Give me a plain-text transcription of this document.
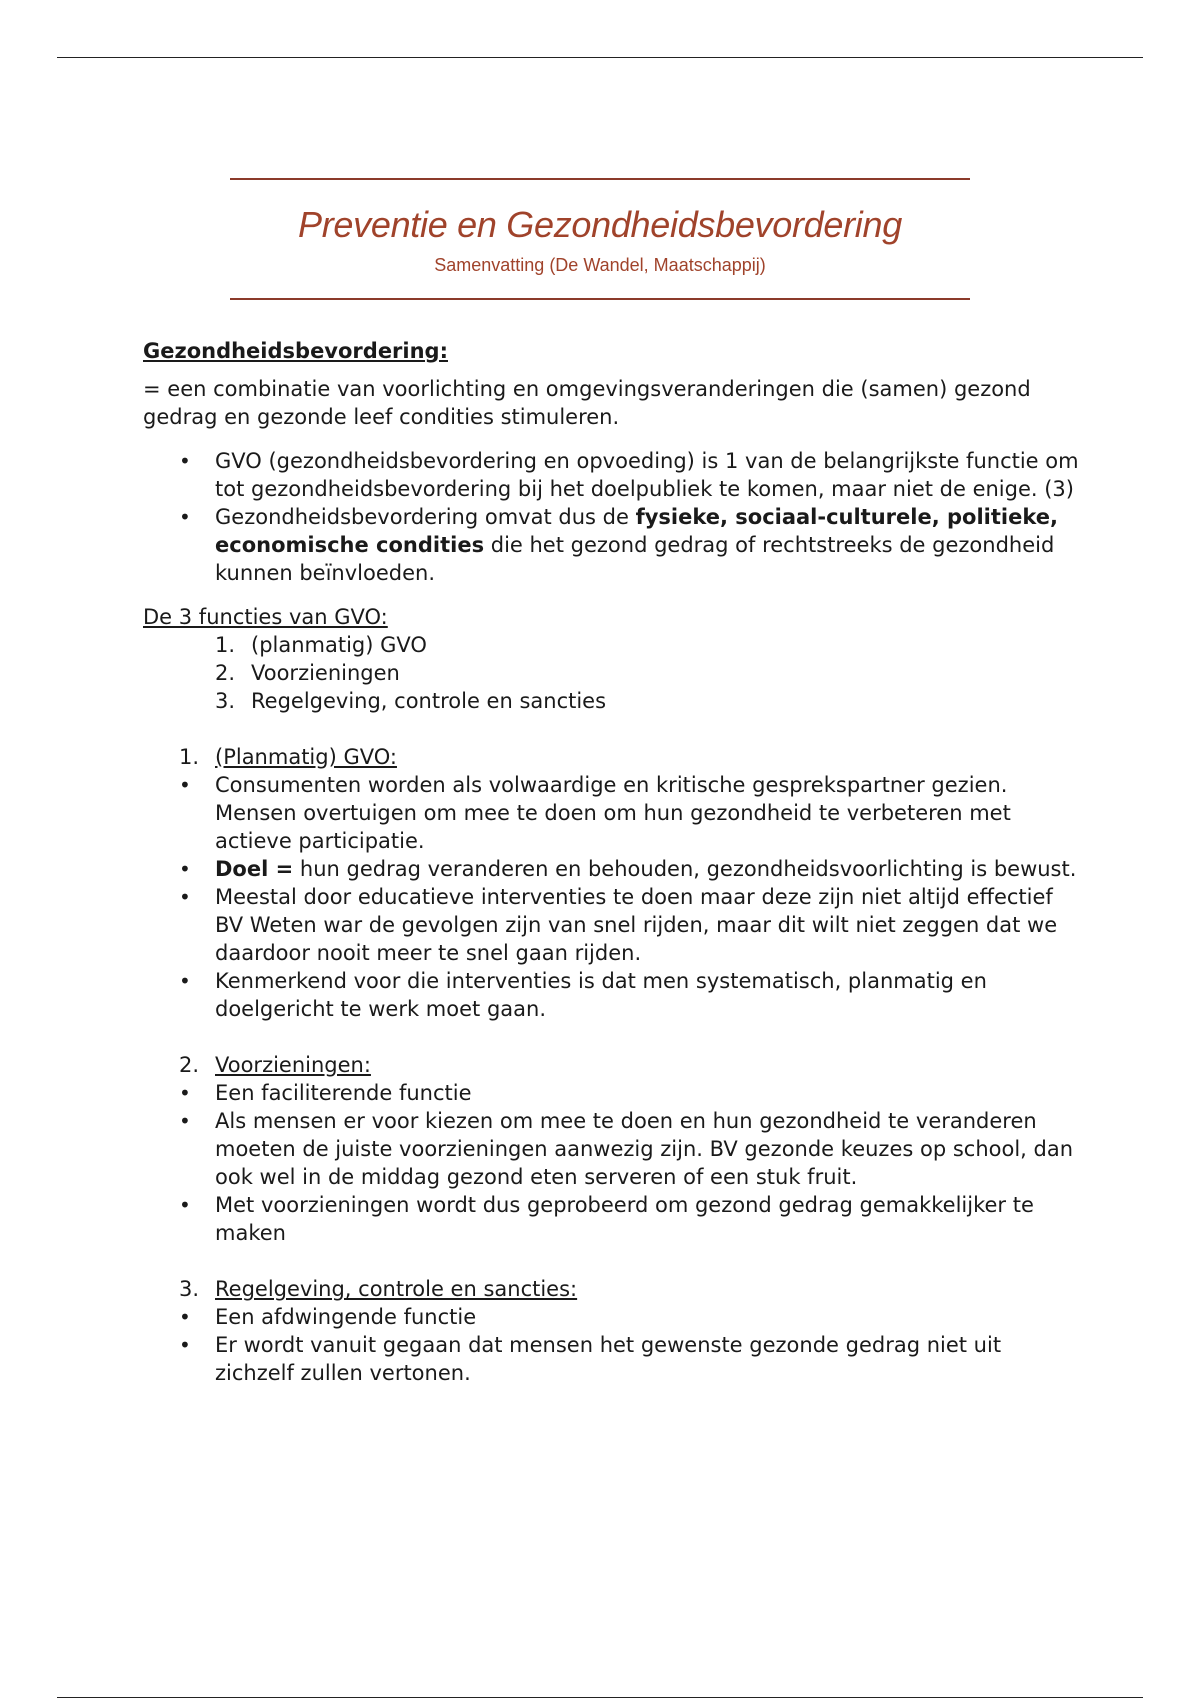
Preventie en Gezondheidsbevordering
Samenvatting (De Wandel, Maatschappij)
Gezondheidsbevordering:
= een combinatie van voorlichting en omgevingsveranderingen die (samen) gezond gedrag en gezonde leef condities stimuleren.
• GVO (gezondheidsbevordering en opvoeding) is 1 van de belangrijkste functie om tot gezondheidsbevordering bij het doelpubliek te komen, maar niet de enige. (3)
• Gezondheidsbevordering omvat dus de fysieke, sociaal-culturele, politieke, economische condities die het gezond gedrag of rechtstreeks de gezondheid kunnen beïnvloeden.
De 3 functies van GVO:
1. (planmatig) GVO
2. Voorzieningen
3. Regelgeving, controle en sancties
1. (Planmatig) GVO:
• Consumenten worden als volwaardige en kritische gesprekspartner gezien. Mensen overtuigen om mee te doen om hun gezondheid te verbeteren met actieve participatie.
• Doel = hun gedrag veranderen en behouden, gezondheidsvoorlichting is bewust.
• Meestal door educatieve interventies te doen maar deze zijn niet altijd effectief BV Weten war de gevolgen zijn van snel rijden, maar dit wilt niet zeggen dat we daardoor nooit meer te snel gaan rijden.
• Kenmerkend voor die interventies is dat men systematisch, planmatig en doelgericht te werk moet gaan.
2. Voorzieningen:
• Een faciliterende functie
• Als mensen er voor kiezen om mee te doen en hun gezondheid te veranderen moeten de juiste voorzieningen aanwezig zijn. BV gezonde keuzes op school, dan ook wel in de middag gezond eten serveren of een stuk fruit.
• Met voorzieningen wordt dus geprobeerd om gezond gedrag gemakkelijker te maken
3. Regelgeving, controle en sancties:
• Een afdwingende functie
• Er wordt vanuit gegaan dat mensen het gewenste gezonde gedrag niet uit zichzelf zullen vertonen.
